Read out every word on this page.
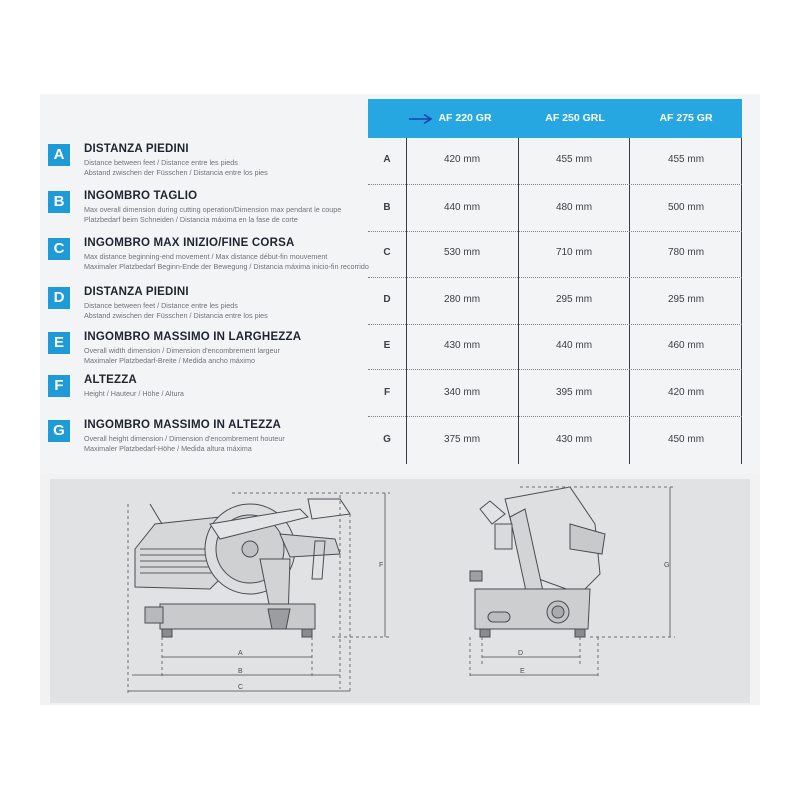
A	DISTANZA PIEDINI
Distance between feet / Distance entre les pieds
Abstand zwischen der Füsschen / Distancia entre los pies
B	INGOMBRO TAGLIO
Max overall dimension during cutting operation/Dimension max pendant le coupe
Platzbedarf beim Schneiden / Distancia máxima en la fase de corte
C	INGOMBRO MAX INIZIO/FINE CORSA
Max distance beginning-end movement / Max distance début-fin mouvement
Maximaler Platzbedarf Beginn-Ende der Bewegung / Distancia máxima inicio-fin recorrido
D	DISTANZA PIEDINI
Distance between feet / Distance entre les pieds
Abstand zwischen der Füsschen / Distancia entre los pies
E	INGOMBRO MASSIMO IN LARGHEZZA
Overall width dimension / Dimension d'encombrement largeur
Maximaler Platzbedarf-Breite / Medida ancho máximo
F	ALTEZZA
Height / Hauteur / Höhe / Altura
G	INGOMBRO MASSIMO IN ALTEZZA
Overall height dimension / Dimension d'encombrement houteur
Maximaler Platzbedarf-Höhe / Medida altura máxima
AF 220 GR	AF 250 GRL	AF 275 GR
A	420 mm	455 mm	455 mm
B	440 mm	480 mm	500 mm
C	530 mm	710 mm	780 mm
D	280 mm	295 mm	295 mm
E	430 mm	440 mm	460 mm
F	340 mm	395 mm	420 mm
G	375 mm	430 mm	450 mm
A
B
C
F
D
E
G
